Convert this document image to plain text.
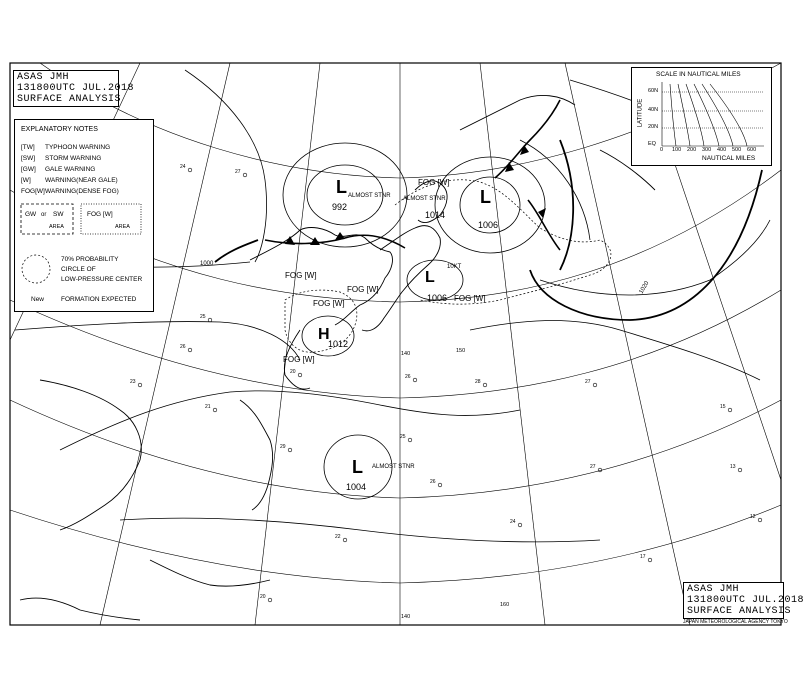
L	L
L
H
L
992
1014
1006
1006
1012
1004
ALMOST STNR ALMOST STNR
10KT
ALMOST STNR
FOG [W]
FOG [W]
FOG [W]
FOG [W]
FOG [W]
FOG [W]
1000
1020
140
140
150
160
24
27
25
26
23
21
20
26
28	27
29
25
26
27
24
22
20
17
15
13
12
ASAS JMH
131800UTC JUL.2018
SURFACE ANALYSIS
EXPLANATORY NOTES
[TW] TYPHOON WARNING
[SW] STORM WARNING
[GW] GALE WARNING
[W] WARNING(NEAR GALE)
FOG[W]WARNING(DENSE FOG)
GW or SW
AREA
FOG [W]
AREA
70% PROBABILITY
CIRCLE OF
LOW-PRESSURE CENTER
New	FORMATION EXPECTED
SCALE IN NAUTICAL MILES
LATITUDE
60N
40N
20N
EQ
0 100 200 300 400 500 600
NAUTICAL MILES
ASAS JMH
131800UTC JUL.2018
SURFACE ANALYSIS
JAPAN METEOROLOGICAL AGENCY TOKYO
